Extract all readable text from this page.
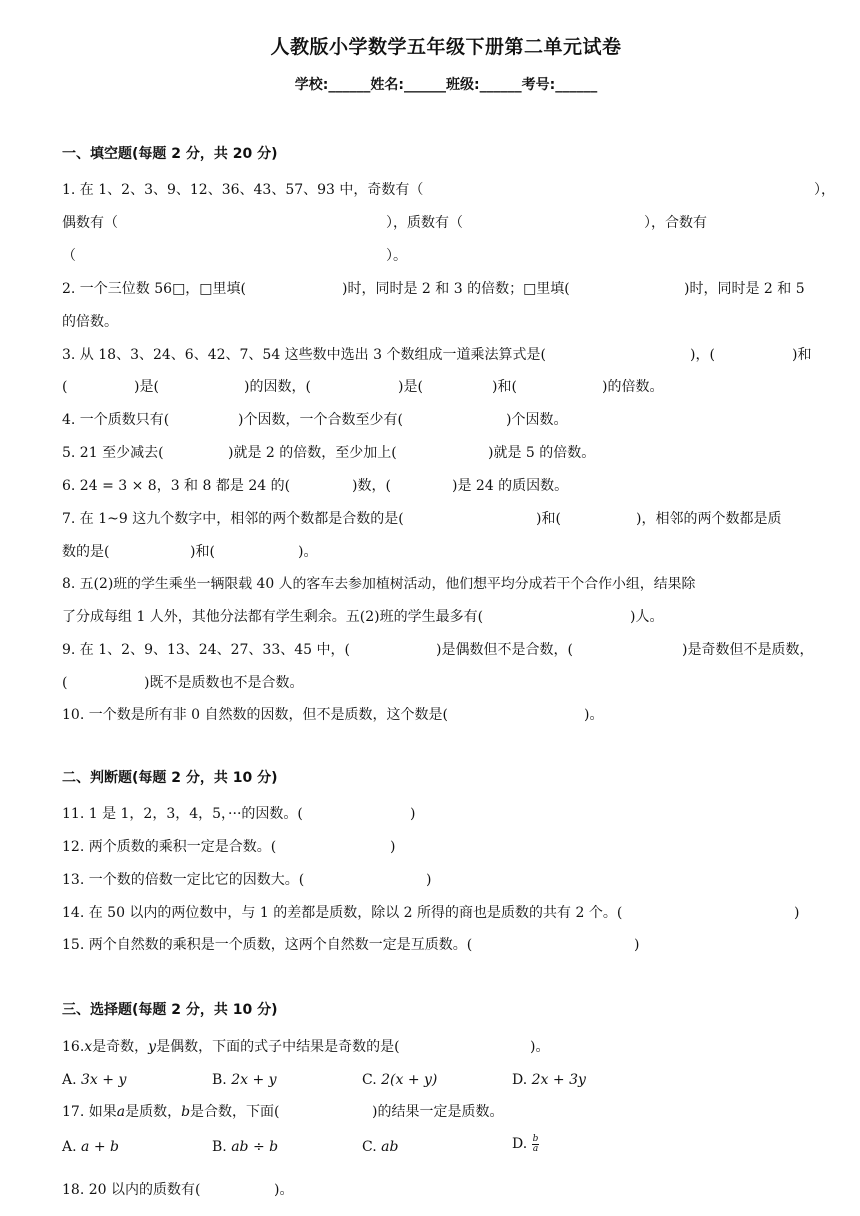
人教版小学数学五年级下册第二单元试卷
学校:______姓名:______班级:______考号:______
一、填空题(每题 2 分，共 20 分)
1. 在 1、2、3、9、12、36、43、57、93 中，奇数有（	），
偶数有（	），质数有（	），合数有
（	）。
2. 一个三位数 56□，□里填(	)时，同时是 2 和 3 的倍数；□里填(	)时，同时是 2 和 5
的倍数。
3. 从 18、3、24、6、42、7、54 这些数中选出 3 个数组成一道乘法算式是(	)，(	)和
(	)是(	)的因数，(	)是(	)和(	)的倍数。
4. 一个质数只有(	)个因数，一个合数至少有(	)个因数。
5. 21 至少减去(	)就是 2 的倍数，至少加上(	)就是 5 的倍数。
6. 24 = 3 × 8，3 和 8 都是 24 的(	)数，(	)是 24 的质因数。
7. 在 1~9 这九个数字中，相邻的两个数都是合数的是(	)和(	)，相邻的两个数都是质
数的是(	)和(	)。
8. 五(2)班的学生乘坐一辆限载 40 人的客车去参加植树活动，他们想平均分成若干个合作小组，结果除
了分成每组 1 人外，其他分法都有学生剩余。五(2)班的学生最多有(	)人。
9. 在 1、2、9、13、24、27、33、45 中，(	)是偶数但不是合数，(	)是奇数但不是质数，
(	)既不是质数也不是合数。
10. 一个数是所有非 0 自然数的因数，但不是质数，这个数是(	)。
二、判断题(每题 2 分，共 10 分)
11. 1 是 1，2，3，4，5，···的因数。(	)
12. 两个质数的乘积一定是合数。(	)
13. 一个数的倍数一定比它的因数大。(	)
14. 在 50 以内的两位数中，与 1 的差都是质数，除以 2 所得的商也是质数的共有 2 个。(	)
15. 两个自然数的乘积是一个质数，这两个自然数一定是互质数。(	)
三、选择题(每题 2 分，共 10 分)
16.x是奇数，y是偶数，下面的式子中结果是奇数的是(	)。
A. 3x + y	B. 2x + y	C. 2(x + y)	D. 2x + 3y
17. 如果a是质数，b是合数，下面(	)的结果一定是质数。
A. a + b	B. ab ÷ b	C. ab	D. $\frac{b}{a}$
18. 20 以内的质数有(	)。
